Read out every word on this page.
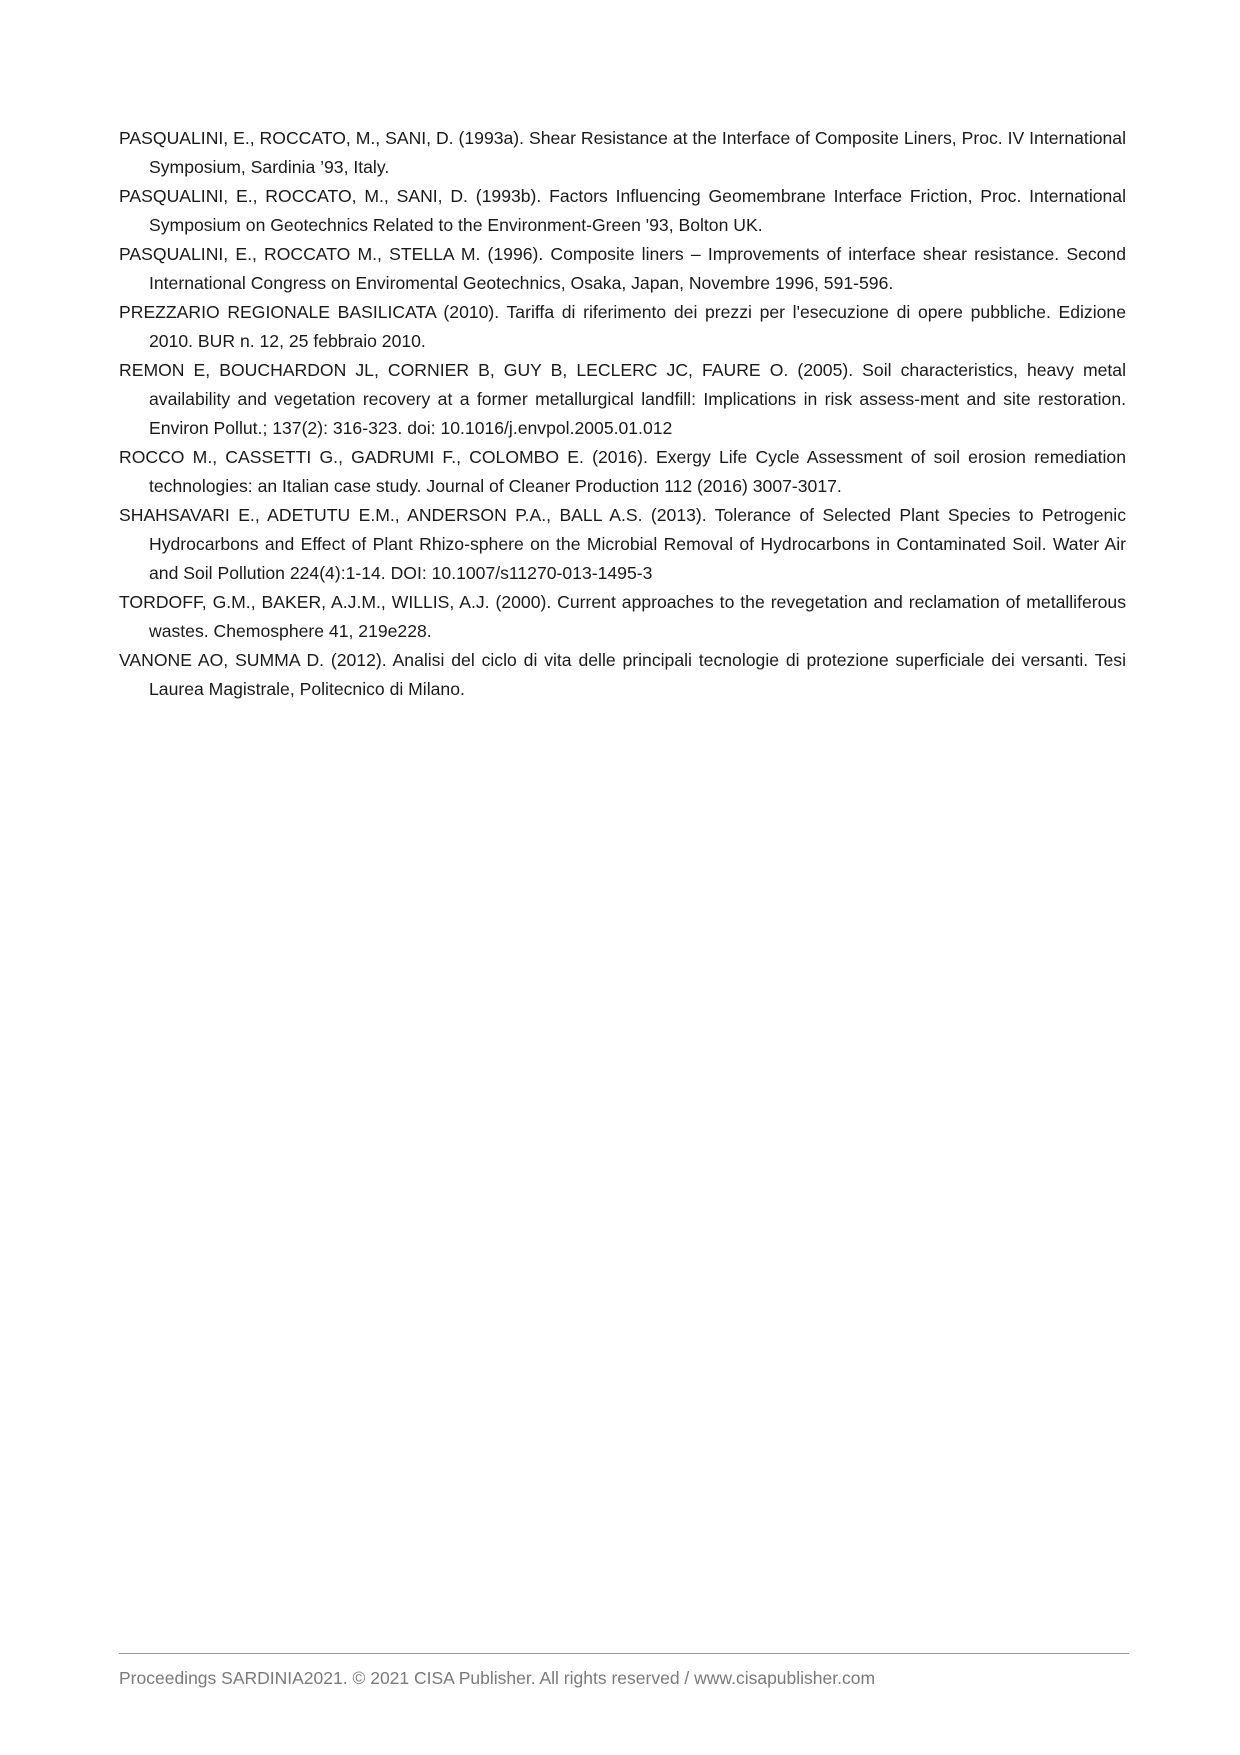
PASQUALINI, E., ROCCATO, M., SANI, D. (1993a). Shear Resistance at the Interface of Composite Liners, Proc. IV International Symposium, Sardinia ’93, Italy.

PASQUALINI, E., ROCCATO, M., SANI, D. (1993b). Factors Influencing Geomembrane Interface Friction, Proc. International Symposium on Geotechnics Related to the Environment-Green '93, Bolton UK.

PASQUALINI, E., ROCCATO M., STELLA M. (1996). Composite liners – Improvements of interface shear resistance. Second International Congress on Enviromental Geotechnics, Osaka, Japan, Novembre 1996, 591-596.

PREZZARIO REGIONALE BASILICATA (2010). Tariffa di riferimento dei prezzi per l'esecuzione di opere pubbliche. Edizione 2010. BUR n. 12, 25 febbraio 2010.

REMON E, BOUCHARDON JL, CORNIER B, GUY B, LECLERC JC, FAURE O. (2005). Soil characteristics, heavy metal availability and vegetation recovery at a former metallurgical landfill: Implications in risk assess-ment and site restoration. Environ Pollut.; 137(2): 316-323. doi: 10.1016/j.envpol.2005.01.012

ROCCO M., CASSETTI G., GADRUMI F., COLOMBO E. (2016). Exergy Life Cycle Assessment of soil erosion remediation technologies: an Italian case study. Journal of Cleaner Production 112 (2016) 3007-3017.

SHAHSAVARI E., ADETUTU E.M., ANDERSON P.A., BALL A.S. (2013). Tolerance of Selected Plant Species to Petrogenic Hydrocarbons and Effect of Plant Rhizo-sphere on the Microbial Removal of Hydrocarbons in Contaminated Soil. Water Air and Soil Pollution 224(4):1-14. DOI: 10.1007/s11270-013-1495-3

TORDOFF, G.M., BAKER, A.J.M., WILLIS, A.J. (2000). Current approaches to the revegetation and reclamation of metalliferous wastes. Chemosphere 41, 219e228.

VANONE AO, SUMMA D. (2012). Analisi del ciclo di vita delle principali tecnologie di protezione superficiale dei versanti. Tesi Laurea Magistrale, Politecnico di Milano.

Proceedings SARDINIA2021. © 2021 CISA Publisher. All rights reserved / www.cisapublisher.com
